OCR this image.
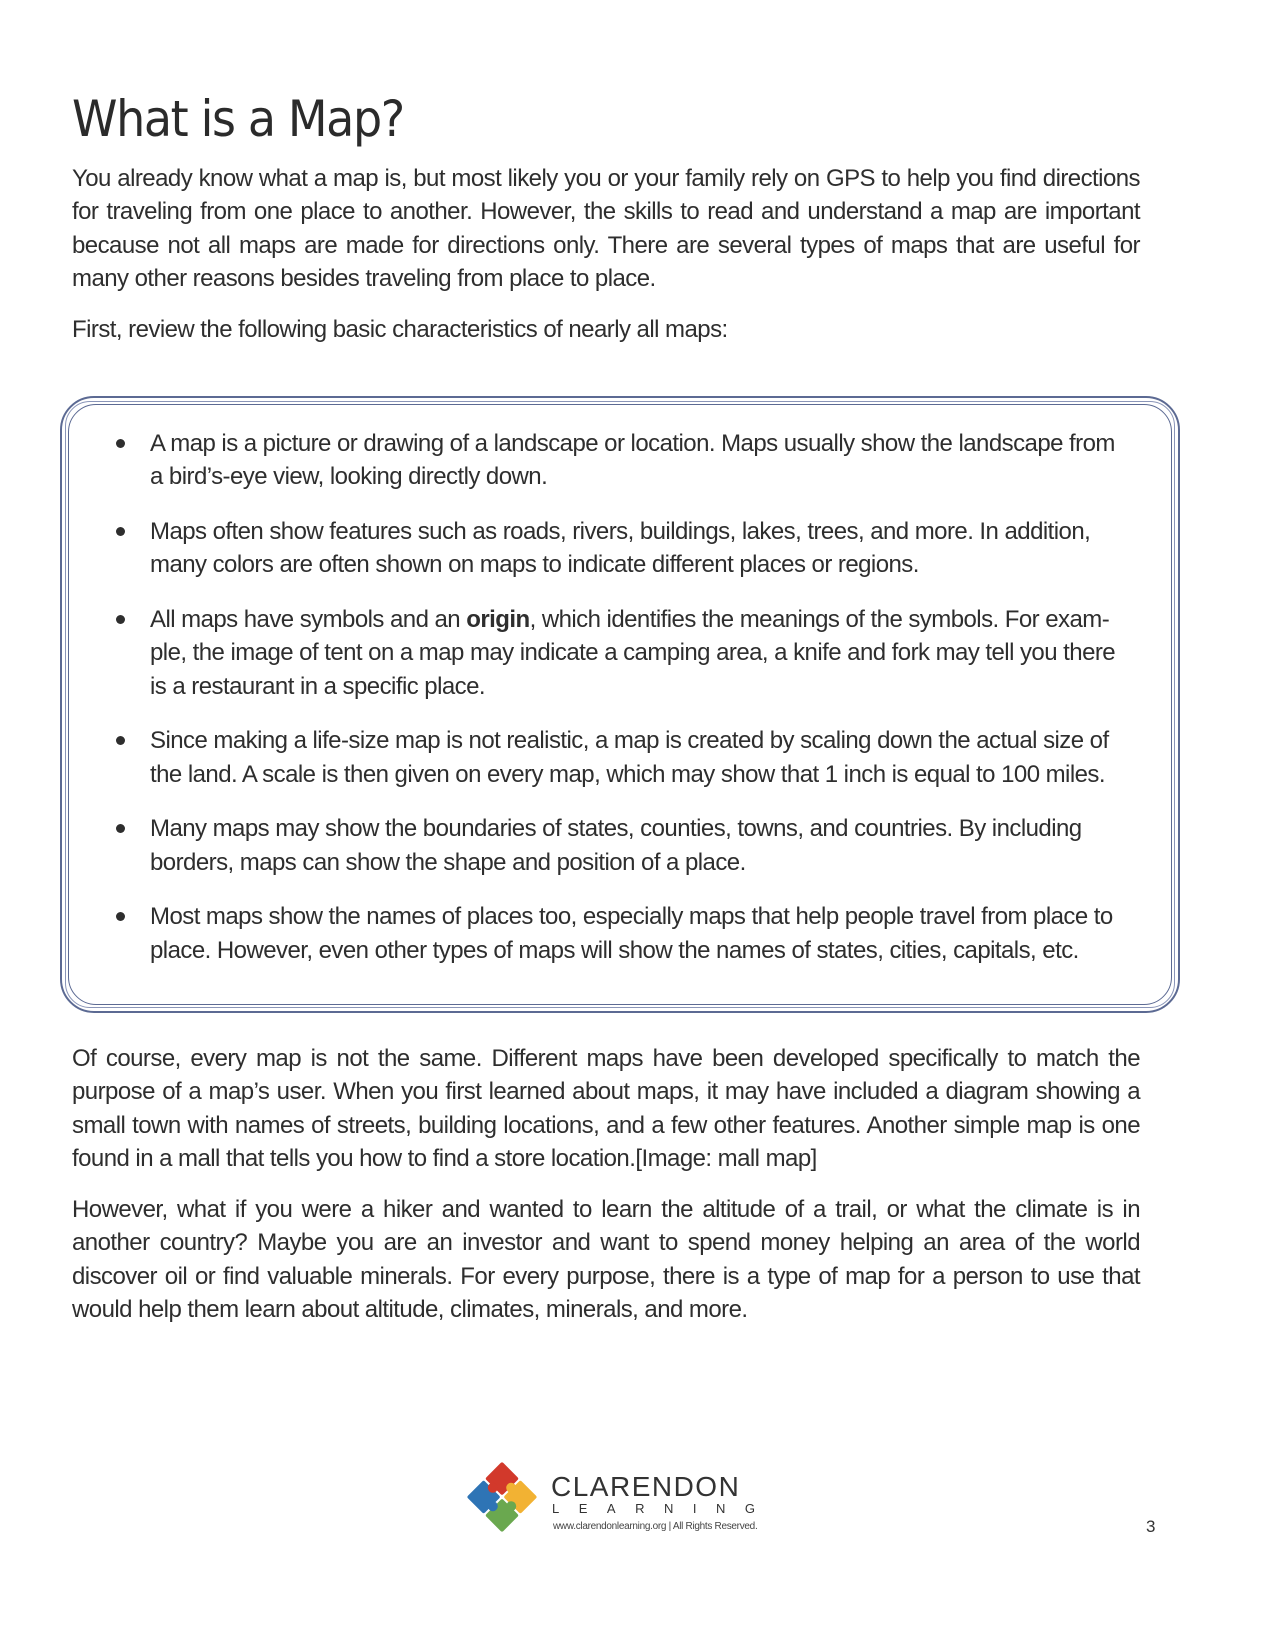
What is a Map?

You already know what a map is, but most likely you or your family rely on GPS to help you find directions for traveling from one place to another. However, the skills to read and understand a map are important because not all maps are made for directions only. There are several types of maps that are useful for many other reasons besides traveling from place to place.

First, review the following basic characteristics of nearly all maps:

A map is a picture or drawing of a landscape or location. Maps usually show the landscape from a bird’s-eye view, looking directly down.
Maps often show features such as roads, rivers, buildings, lakes, trees, and more. In addition, many colors are often shown on maps to indicate different places or regions.
All maps have symbols and an origin, which identifies the meanings of the symbols. For exam-ple, the image of tent on a map may indicate a camping area, a knife and fork may tell you there is a restaurant in a specific place.
Since making a life-size map is not realistic, a map is created by scaling down the actual size of the land. A scale is then given on every map, which may show that 1 inch is equal to 100 miles.
Many maps may show the boundaries of states, counties, towns, and countries. By including borders, maps can show the shape and position of a place.
Most maps show the names of places too, especially maps that help people travel from place to place. However, even other types of maps will show the names of states, cities, capitals, etc.

Of course, every map is not the same. Different maps have been developed specifically to match the purpose of a map’s user. When you first learned about maps, it may have included a diagram showing a small town with names of streets, building locations, and a few other features. Another simple map is one found in a mall that tells you how to find a store location.[Image: mall map]

However, what if you were a hiker and wanted to learn the altitude of a trail, or what the climate is in another country? Maybe you are an investor and want to spend money helping an area of the world discover oil or find valuable minerals. For every purpose, there is a type of map for a person to use that would help them learn about altitude, climates, minerals, and more.

CLARENDON
LEARNING
www.clarendonlearning.org | All Rights Reserved.	3
